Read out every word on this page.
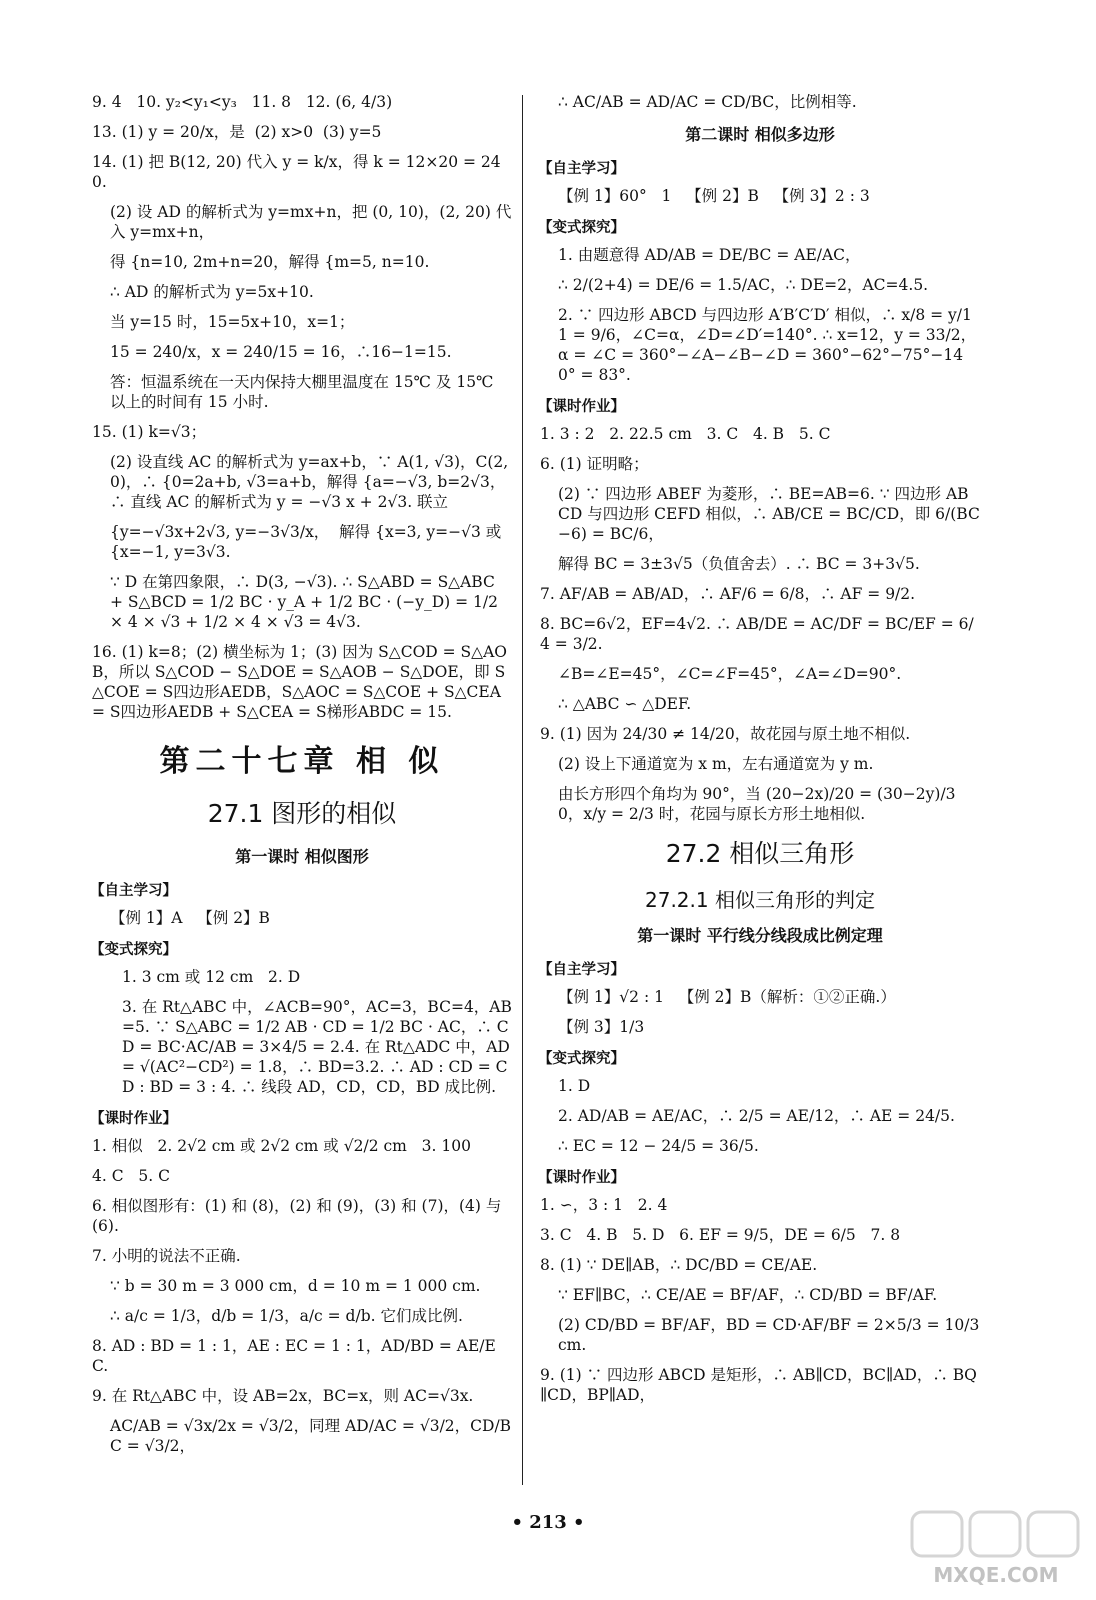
9. 4   10. y₂<y₁<y₃   11. 8   12. (6, 4/3)
13. (1) y = 20/x，是  (2) x>0  (3) y=5
14. (1) 把 B(12, 20) 代入 y = k/x，得 k = 12×20 = 240.
(2) 设 AD 的解析式为 y=mx+n，把 (0, 10)，(2, 20) 代入 y=mx+n，
得 {n=10, 2m+n=20，解得 {m=5, n=10.
∴ AD 的解析式为 y=5x+10.
当 y=15 时，15=5x+10，x=1；
15 = 240/x，x = 240/15 = 16，∴16−1=15.
答：恒温系统在一天内保持大棚里温度在 15℃ 及 15℃ 以上的时间有 15 小时.
15. (1) k=√3；
(2) 设直线 AC 的解析式为 y=ax+b，∵ A(1, √3)，C(2, 0)，∴ {0=2a+b, √3=a+b，解得 {a=−√3, b=2√3，∴ 直线 AC 的解析式为 y = −√3 x + 2√3. 联立
{y=−√3x+2√3, y=−3√3/x，  解得 {x=3, y=−√3 或 {x=−1, y=3√3.
∵ D 在第四象限，∴ D(3, −√3). ∴ S△ABD = S△ABC + S△BCD = 1/2 BC · y_A + 1/2 BC · (−y_D) = 1/2 × 4 × √3 + 1/2 × 4 × √3 = 4√3.
16. (1) k=8；(2) 横坐标为 1；(3) 因为 S△COD = S△AOB，所以 S△COD − S△DOE = S△AOB − S△DOE，即 S△COE = S四边形AEDB，S△AOC = S△COE + S△CEA = S四边形AEDB + S△CEA = S梯形ABDC = 15.
第二十七章 相 似
27.1 图形的相似
第一课时 相似图形
【自主学习】
【例 1】A   【例 2】B
【变式探究】
1. 3 cm 或 12 cm   2. D
3. 在 Rt△ABC 中，∠ACB=90°，AC=3，BC=4，AB=5. ∵ S△ABC = 1/2 AB · CD = 1/2 BC · AC，∴ CD = BC·AC/AB = 3×4/5 = 2.4. 在 Rt△ADC 中，AD = √(AC²−CD²) = 1.8，∴ BD=3.2. ∴ AD : CD = CD : BD = 3 : 4. ∴ 线段 AD，CD，CD，BD 成比例.
【课时作业】
1. 相似   2. 2√2 cm 或 2√2 cm 或 √2/2 cm   3. 100
4. C   5. C
6. 相似图形有：(1) 和 (8)，(2) 和 (9)，(3) 和 (7)，(4) 与 (6).
7. 小明的说法不正确.
∵ b = 30 m = 3 000 cm，d = 10 m = 1 000 cm.
∴ a/c = 1/3，d/b = 1/3，a/c = d/b. 它们成比例.
8. AD : BD = 1 : 1，AE : EC = 1 : 1，AD/BD = AE/EC.
9. 在 Rt△ABC 中，设 AB=2x，BC=x，则 AC=√3x.
AC/AB = √3x/2x = √3/2，同理 AD/AC = √3/2，CD/BC = √3/2，
∴ AC/AB = AD/AC = CD/BC，比例相等.
第二课时 相似多边形
【自主学习】
【例 1】60°   1   【例 2】B   【例 3】2 : 3
【变式探究】
1. 由题意得 AD/AB = DE/BC = AE/AC，
∴ 2/(2+4) = DE/6 = 1.5/AC，∴ DE=2，AC=4.5.
2. ∵ 四边形 ABCD 与四边形 A′B′C′D′ 相似，∴ x/8 = y/11 = 9/6，∠C=α，∠D=∠D′=140°. ∴ x=12，y = 33/2，α = ∠C = 360°−∠A−∠B−∠D = 360°−62°−75°−140° = 83°.
【课时作业】
1. 3 : 2   2. 22.5 cm   3. C   4. B   5. C
6. (1) 证明略；
(2) ∵ 四边形 ABEF 为菱形，∴ BE=AB=6. ∵ 四边形 ABCD 与四边形 CEFD 相似，∴ AB/CE = BC/CD，即 6/(BC−6) = BC/6，
解得 BC = 3±3√5（负值舍去）. ∴ BC = 3+3√5.
7. AF/AB = AB/AD，∴ AF/6 = 6/8，∴ AF = 9/2.
8. BC=6√2，EF=4√2. ∴ AB/DE = AC/DF = BC/EF = 6/4 = 3/2.
∠B=∠E=45°，∠C=∠F=45°，∠A=∠D=90°.
∴ △ABC ∽ △DEF.
9. (1) 因为 24/30 ≠ 14/20，故花园与原土地不相似.
(2) 设上下通道宽为 x m，左右通道宽为 y m.
由长方形四个角均为 90°，当 (20−2x)/20 = (30−2y)/30，x/y = 2/3 时，花园与原长方形土地相似.
27.2 相似三角形
27.2.1 相似三角形的判定
第一课时 平行线分线段成比例定理
【自主学习】
【例 1】√2 : 1   【例 2】B（解析：①②正确.）
【例 3】1/3
【变式探究】
1. D
2. AD/AB = AE/AC，∴ 2/5 = AE/12，∴ AE = 24/5.
∴ EC = 12 − 24/5 = 36/5.
【课时作业】
1. ∽，3 : 1   2. 4
3. C   4. B   5. D   6. EF = 9/5，DE = 6/5   7. 8
8. (1) ∵ DE∥AB，∴ DC/BD = CE/AE.
∵ EF∥BC，∴ CE/AE = BF/AF，∴ CD/BD = BF/AF.
(2) CD/BD = BF/AF，BD = CD·AF/BF = 2×5/3 = 10/3 cm.
9. (1) ∵ 四边形 ABCD 是矩形，∴ AB∥CD，BC∥AD，∴ BQ∥CD，BP∥AD，
• 213 •
MXQE.COM
